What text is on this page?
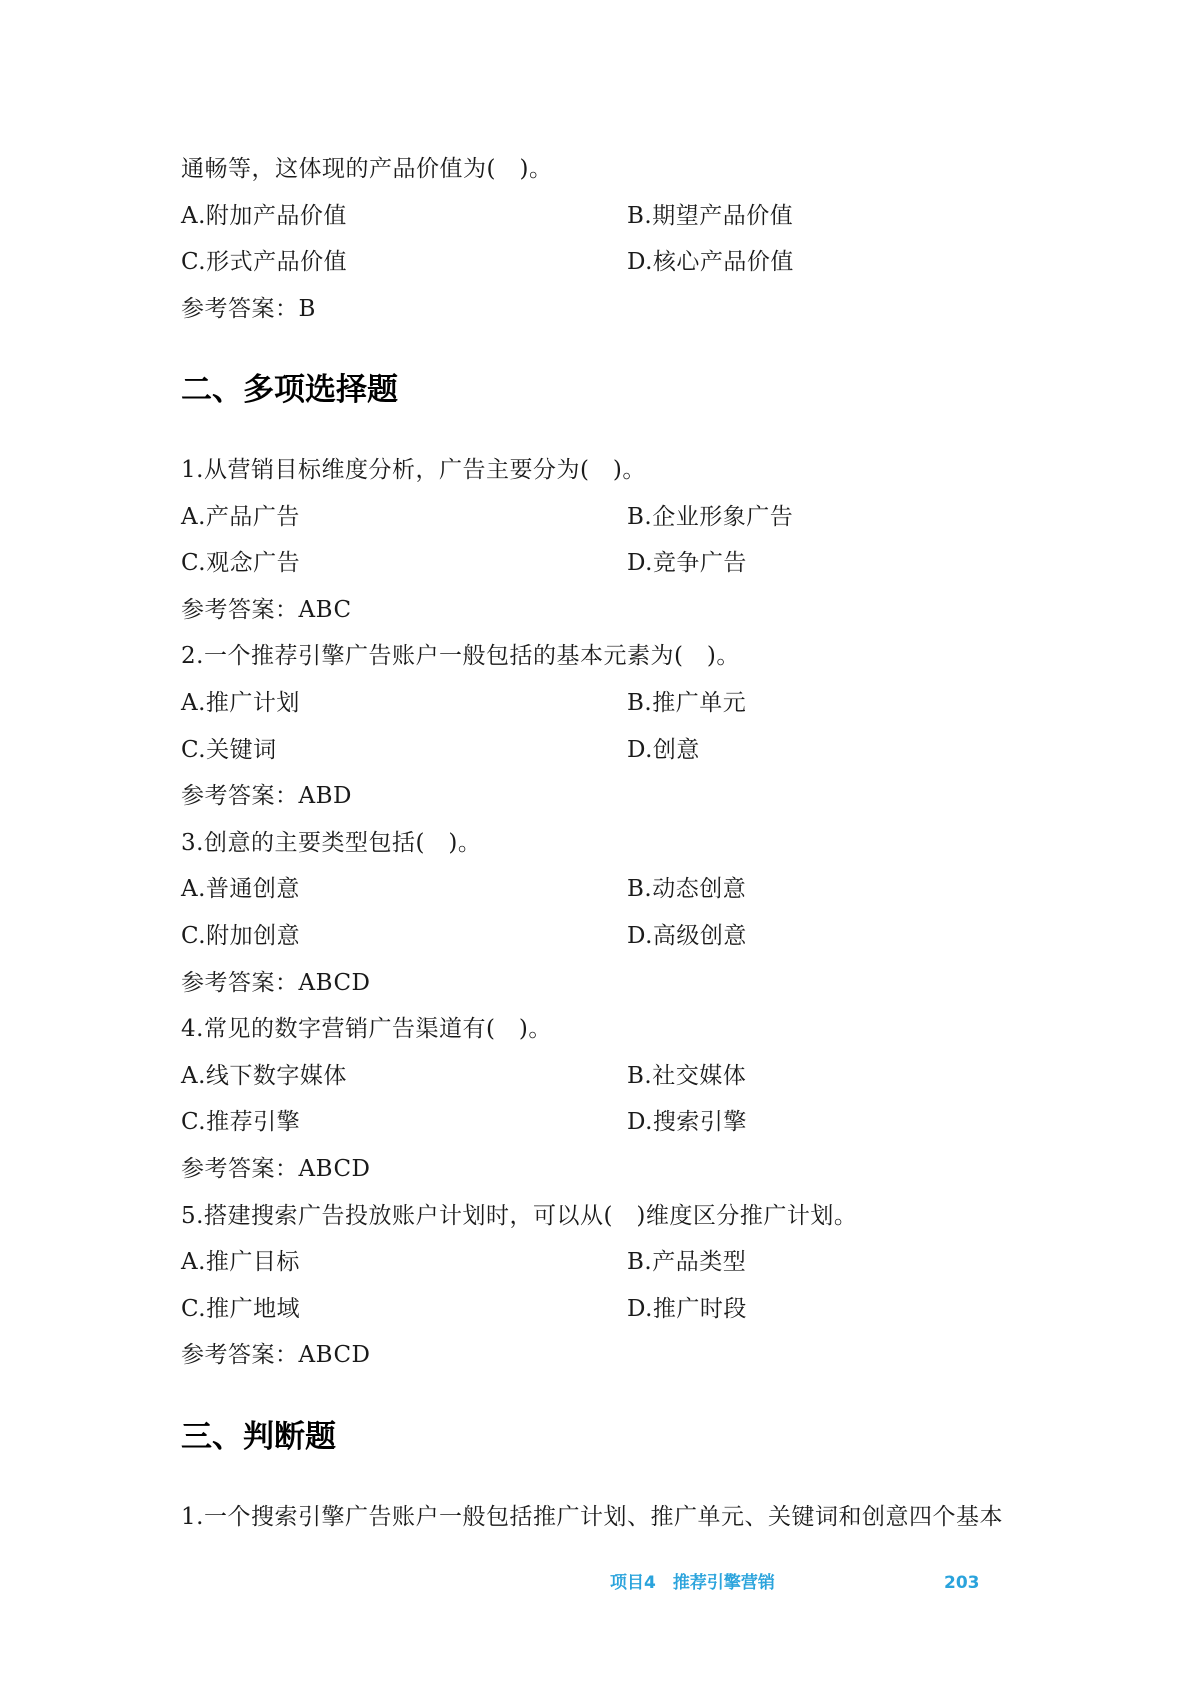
通畅等，这体现的产品价值为(　)。
A.附加产品价值	B.期望产品价值
C.形式产品价值	D.核心产品价值
参考答案：B
二、多项选择题
1.从营销目标维度分析，广告主要分为(　)。
A.产品广告	B.企业形象广告
C.观念广告	D.竞争广告
参考答案：ABC
2.一个推荐引擎广告账户一般包括的基本元素为(　)。
A.推广计划	B.推广单元
C.关键词	D.创意
参考答案：ABD
3.创意的主要类型包括(　)。
A.普通创意	B.动态创意
C.附加创意	D.高级创意
参考答案：ABCD
4.常见的数字营销广告渠道有(　)。
A.线下数字媒体	B.社交媒体
C.推荐引擎	D.搜索引擎
参考答案：ABCD
5.搭建搜索广告投放账户计划时，可以从(　)维度区分推广计划。
A.推广目标	B.产品类型
C.推广地域	D.推广时段
参考答案：ABCD
三、判断题
1.一个搜索引擎广告账户一般包括推广计划、推广单元、关键词和创意四个基本
项目4　推荐引擎营销	203
